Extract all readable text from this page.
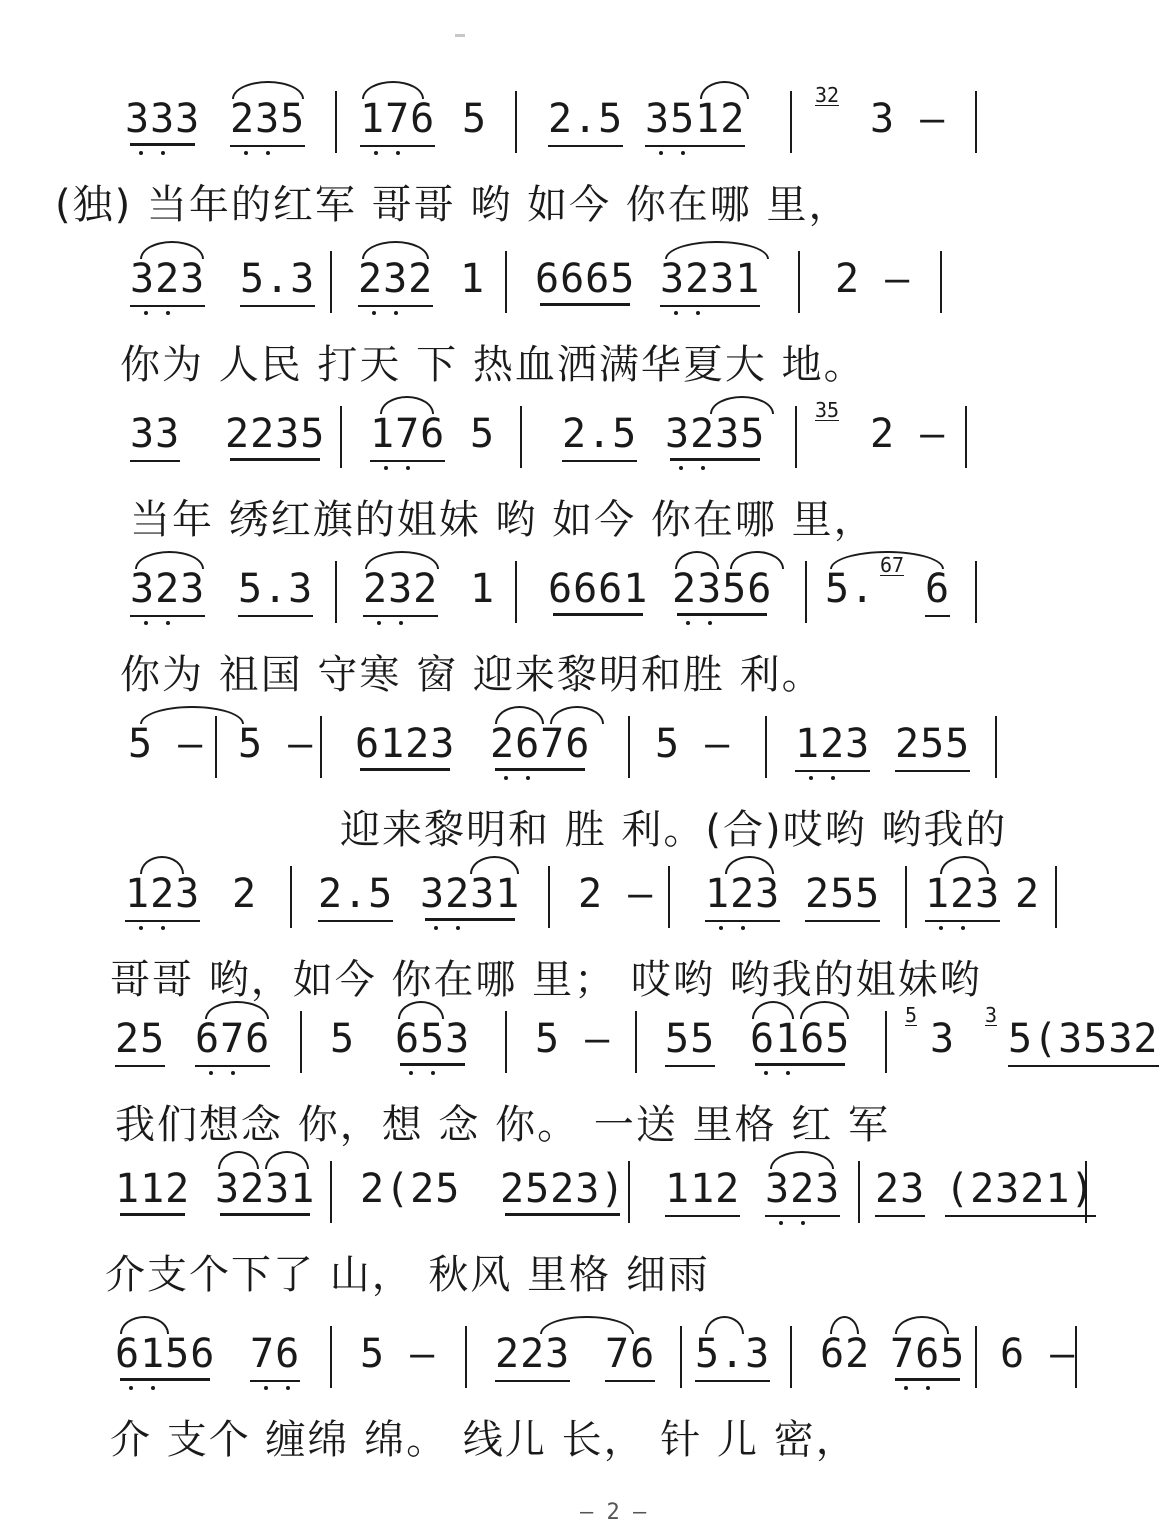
333 235 176 5 2.5 3512	3 —
32
(独) 当年的红军 哥哥 哟 如今 你在哪 里，
323 5.3 232 1 6665 3231 2 —
你为 人民 打天 下 热血洒满华夏大 地。
33 2235 176 5 2.5 3235	2 —
35
当年 绣红旗的姐妹 哟 如今 你在哪 里，
323 5.3 232 1 6661 2356 5. 6
67
你为 祖国 守寒 窗 迎来黎明和胜 利。
5 — 5 — 6123 2676 5 — 123 255
迎来黎明和 胜 利。(合)哎哟 哟我的
123 2 2.5 3231 2 — 123 255 123 2
哥哥 哟，如今 你在哪 里； 哎哟 哟我的姐妹哟
25 676 5 653 5 — 55 6165 3 5(3532
5	3
我们想念 你，想 念 你。 一送 里格 红 军
112 3231 2(25 2523) 112 323 23 (2321)
介支个下了 山， 秋风 里格 细雨
6156 76 5 — 223 76 5.3 62 765 6 —
介 支个 缠绵 绵。 线儿 长， 针 儿 密，
— 2 —
